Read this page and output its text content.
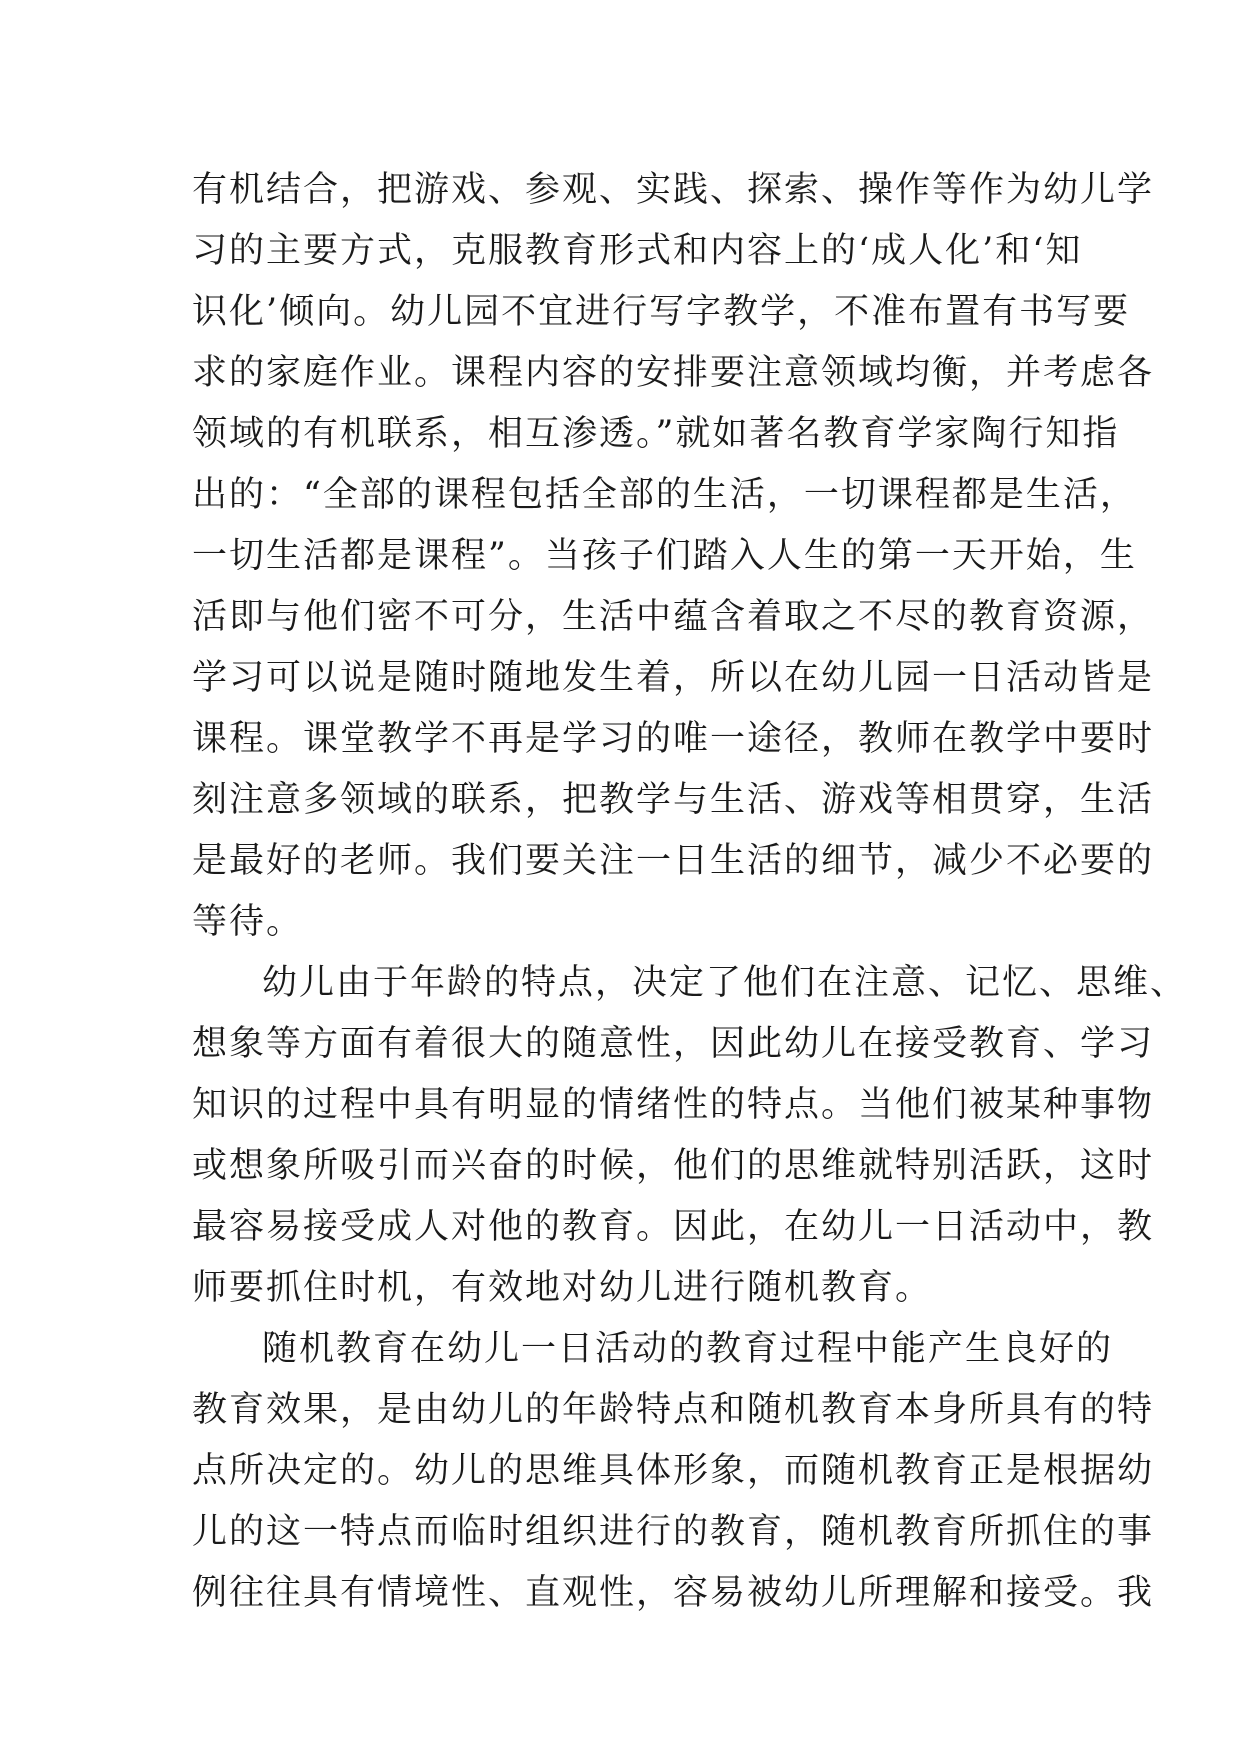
有机结合，把游戏、参观、实践、探索、操作等作为幼儿学
习的主要方式，克服教育形式和内容上的‘成人化’和‘知
识化’倾向。幼儿园不宜进行写字教学，不准布置有书写要
求的家庭作业。课程内容的安排要注意领域均衡，并考虑各
领域的有机联系，相互渗透。”就如著名教育学家陶行知指
出的：“全部的课程包括全部的生活，一切课程都是生活，
一切生活都是课程”。当孩子们踏入人生的第一天开始，生
活即与他们密不可分，生活中蕴含着取之不尽的教育资源，
学习可以说是随时随地发生着，所以在幼儿园一日活动皆是
课程。课堂教学不再是学习的唯一途径，教师在教学中要时
刻注意多领域的联系，把教学与生活、游戏等相贯穿，生活
是最好的老师。我们要关注一日生活的细节，减少不必要的
等待。
幼儿由于年龄的特点，决定了他们在注意、记忆、思维、
想象等方面有着很大的随意性，因此幼儿在接受教育、学习
知识的过程中具有明显的情绪性的特点。当他们被某种事物
或想象所吸引而兴奋的时候，他们的思维就特别活跃，这时
最容易接受成人对他的教育。因此，在幼儿一日活动中，教
师要抓住时机，有效地对幼儿进行随机教育。
随机教育在幼儿一日活动的教育过程中能产生良好的
教育效果，是由幼儿的年龄特点和随机教育本身所具有的特
点所决定的。幼儿的思维具体形象，而随机教育正是根据幼
儿的这一特点而临时组织进行的教育，随机教育所抓住的事
例往往具有情境性、直观性，容易被幼儿所理解和接受。我
